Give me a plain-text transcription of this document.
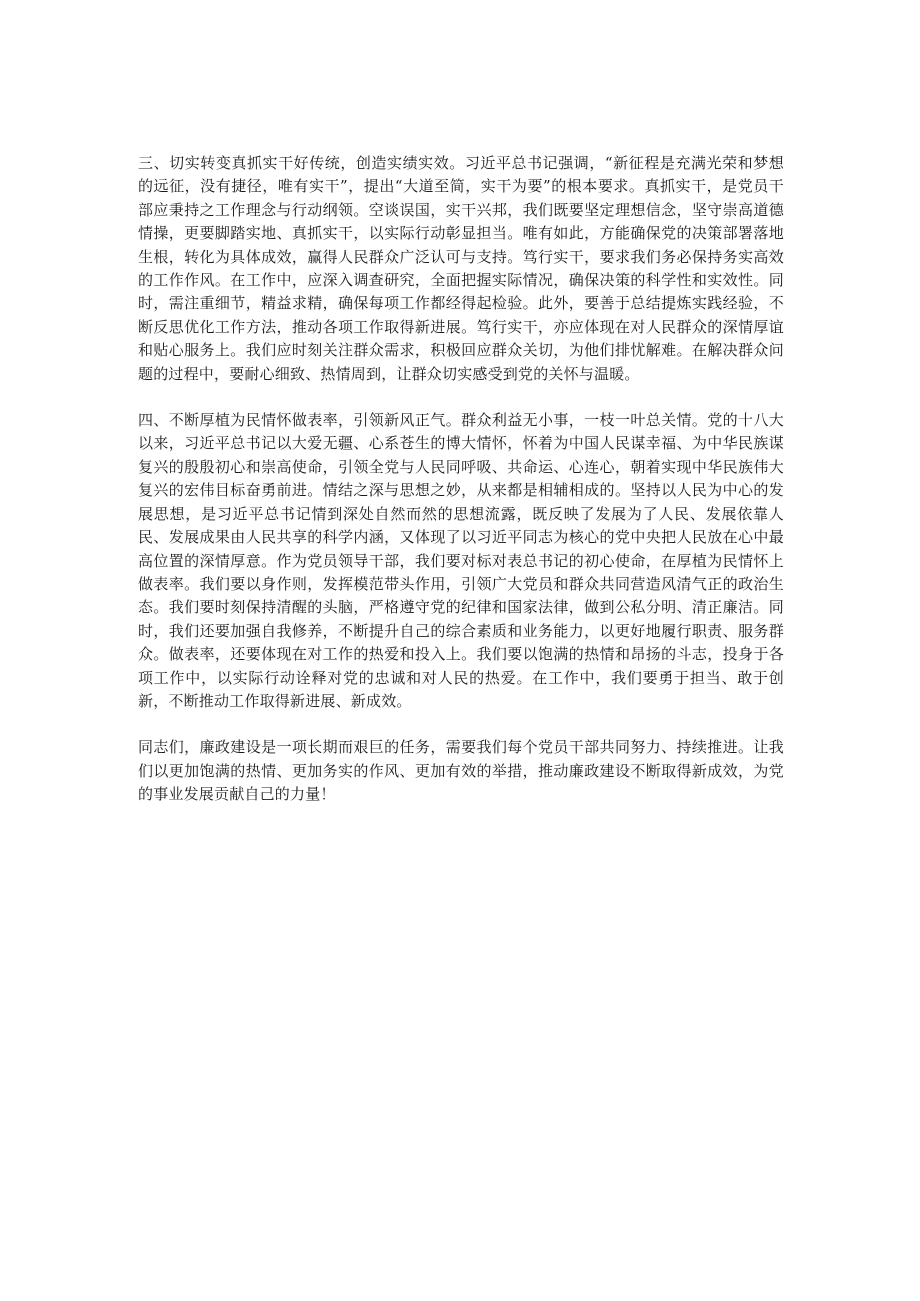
三、切实转变真抓实干好传统，创造实绩实效。习近平总书记强调，“新征程是充满光荣和梦想的远征，没有捷径，唯有实干”，提出“大道至简，实干为要”的根本要求。真抓实干，是党员干部应秉持之工作理念与行动纲领。空谈误国，实干兴邦，我们既要坚定理想信念，坚守崇高道德情操，更要脚踏实地、真抓实干，以实际行动彰显担当。唯有如此，方能确保党的决策部署落地生根，转化为具体成效，赢得人民群众广泛认可与支持。笃行实干，要求我们务必保持务实高效的工作作风。在工作中，应深入调查研究，全面把握实际情况，确保决策的科学性和实效性。同时，需注重细节，精益求精，确保每项工作都经得起检验。此外，要善于总结提炼实践经验，不断反思优化工作方法，推动各项工作取得新进展。笃行实干，亦应体现在对人民群众的深情厚谊和贴心服务上。我们应时刻关注群众需求，积极回应群众关切，为他们排忧解难。在解决群众问题的过程中，要耐心细致、热情周到，让群众切实感受到党的关怀与温暖。

四、不断厚植为民情怀做表率，引领新风正气。群众利益无小事，一枝一叶总关情。党的十八大以来，习近平总书记以大爱无疆、心系苍生的博大情怀，怀着为中国人民谋幸福、为中华民族谋复兴的殷殷初心和崇高使命，引领全党与人民同呼吸、共命运、心连心，朝着实现中华民族伟大复兴的宏伟目标奋勇前进。情结之深与思想之妙，从来都是相辅相成的。坚持以人民为中心的发展思想，是习近平总书记情到深处自然而然的思想流露，既反映了发展为了人民、发展依靠人民、发展成果由人民共享的科学内涵，又体现了以习近平同志为核心的党中央把人民放在心中最高位置的深情厚意。作为党员领导干部，我们要对标对表总书记的初心使命，在厚植为民情怀上做表率。我们要以身作则，发挥模范带头作用，引领广大党员和群众共同营造风清气正的政治生态。我们要时刻保持清醒的头脑，严格遵守党的纪律和国家法律，做到公私分明、清正廉洁。同时，我们还要加强自我修养，不断提升自己的综合素质和业务能力，以更好地履行职责、服务群众。做表率，还要体现在对工作的热爱和投入上。我们要以饱满的热情和昂扬的斗志，投身于各项工作中，以实际行动诠释对党的忠诚和对人民的热爱。在工作中，我们要勇于担当、敢于创新，不断推动工作取得新进展、新成效。

同志们，廉政建设是一项长期而艰巨的任务，需要我们每个党员干部共同努力、持续推进。让我们以更加饱满的热情、更加务实的作风、更加有效的举措，推动廉政建设不断取得新成效，为党的事业发展贡献自己的力量！
